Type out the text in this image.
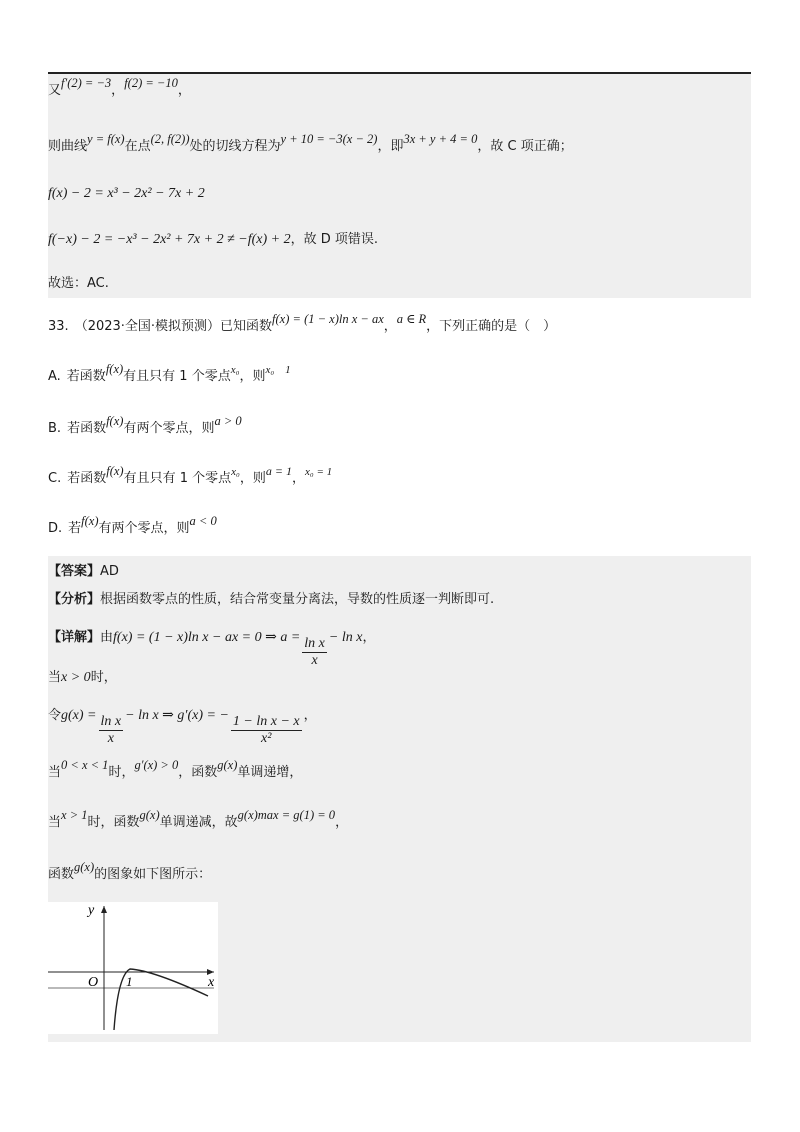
又 f′(2) = −3 ， f(2) = −10 ，
则曲线 y = f(x) 在点 (2, f(2)) 处的切线方程为 y + 10 = −3(x − 2) ，即 3x + y + 4 = 0 ，故 C 项正确；
f(x) − 2 = x³ − 2x² − 7x + 2
f(−x) − 2 = −x³ − 2x² + 7x + 2 ≠ −f(x) + 2 ，故 D 项错误.
故选：AC.
33. （2023·全国·模拟预测）已知函数 f(x) = (1 − x)ln x − ax ， a ∈ R ，下列正确的是（　）
A. 若函数 f(x) 有且只有 1 个零点 x₀ ，则 x₀　1
B. 若函数 f(x) 有两个零点，则 a > 0
C. 若函数 f(x) 有且只有 1 个零点 x₀ ，则 a = 1 ， x₀ = 1
D. 若 f(x) 有两个零点，则 a < 0
【答案】 AD
【分析】 根据函数零点的性质，结合常变量分离法，导数的性质逐一判断即可.
【详解】 由 f(x) = (1 − x)ln x − ax = 0 ⇒ $a = \frac{\text{ln x}}{x} - \ln x$ ，
当 x > 0 时，
令 $g(x) = \frac{\text{ln x}}{x} - \ln x$ ⇒ g′(x) = − $\frac{\text{1 − ln x − x}}{\text{x²}}$ ，
当 0 < x < 1 时， g′(x) > 0 ，函数 g(x) 单调递增，
当 x > 1 时，函数 g(x) 单调递减，故 g(x)max = g(1) = 0 ，
函数 g(x) 的图象如下图所示：
y
x
O 1
